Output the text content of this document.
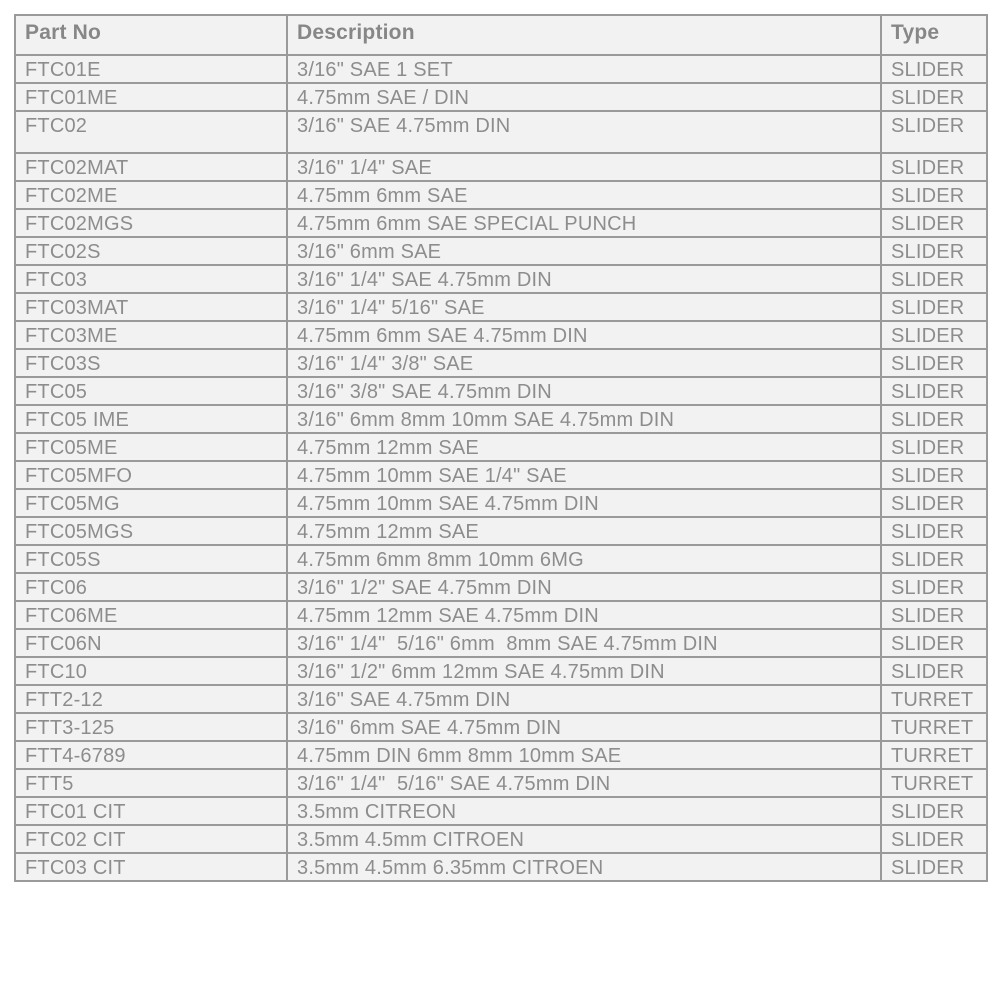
Part No	Description	Type
FTC01E	3/16" SAE 1 SET	SLIDER
FTC01ME	4.75mm SAE / DIN	SLIDER
FTC02	3/16" SAE 4.75mm DIN	SLIDER
FTC02MAT	3/16" 1/4" SAE	SLIDER
FTC02ME	4.75mm 6mm SAE	SLIDER
FTC02MGS	4.75mm 6mm SAE SPECIAL PUNCH	SLIDER
FTC02S	3/16" 6mm SAE	SLIDER
FTC03	3/16" 1/4" SAE 4.75mm DIN	SLIDER
FTC03MAT	3/16" 1/4" 5/16" SAE	SLIDER
FTC03ME	4.75mm 6mm SAE 4.75mm DIN	SLIDER
FTC03S	3/16" 1/4" 3/8" SAE	SLIDER
FTC05	3/16" 3/8" SAE 4.75mm DIN	SLIDER
FTC05 IME	3/16" 6mm 8mm 10mm SAE 4.75mm DIN	SLIDER
FTC05ME	4.75mm 12mm SAE	SLIDER
FTC05MFO	4.75mm 10mm SAE 1/4" SAE	SLIDER
FTC05MG	4.75mm 10mm SAE 4.75mm DIN	SLIDER
FTC05MGS	4.75mm 12mm SAE	SLIDER
FTC05S	4.75mm 6mm 8mm 10mm 6MG	SLIDER
FTC06	3/16" 1/2" SAE 4.75mm DIN	SLIDER
FTC06ME	4.75mm 12mm SAE 4.75mm DIN	SLIDER
FTC06N	3/16" 1/4"  5/16" 6mm  8mm SAE 4.75mm DIN	SLIDER
FTC10	3/16" 1/2" 6mm 12mm SAE 4.75mm DIN	SLIDER
FTT2-12	3/16" SAE 4.75mm DIN	TURRET
FTT3-125	3/16" 6mm SAE 4.75mm DIN	TURRET
FTT4-6789	4.75mm DIN 6mm 8mm 10mm SAE	TURRET
FTT5	3/16" 1/4"  5/16" SAE 4.75mm DIN	TURRET
FTC01 CIT	3.5mm CITREON	SLIDER
FTC02 CIT	3.5mm 4.5mm CITROEN	SLIDER
FTC03 CIT	3.5mm 4.5mm 6.35mm CITROEN	SLIDER
